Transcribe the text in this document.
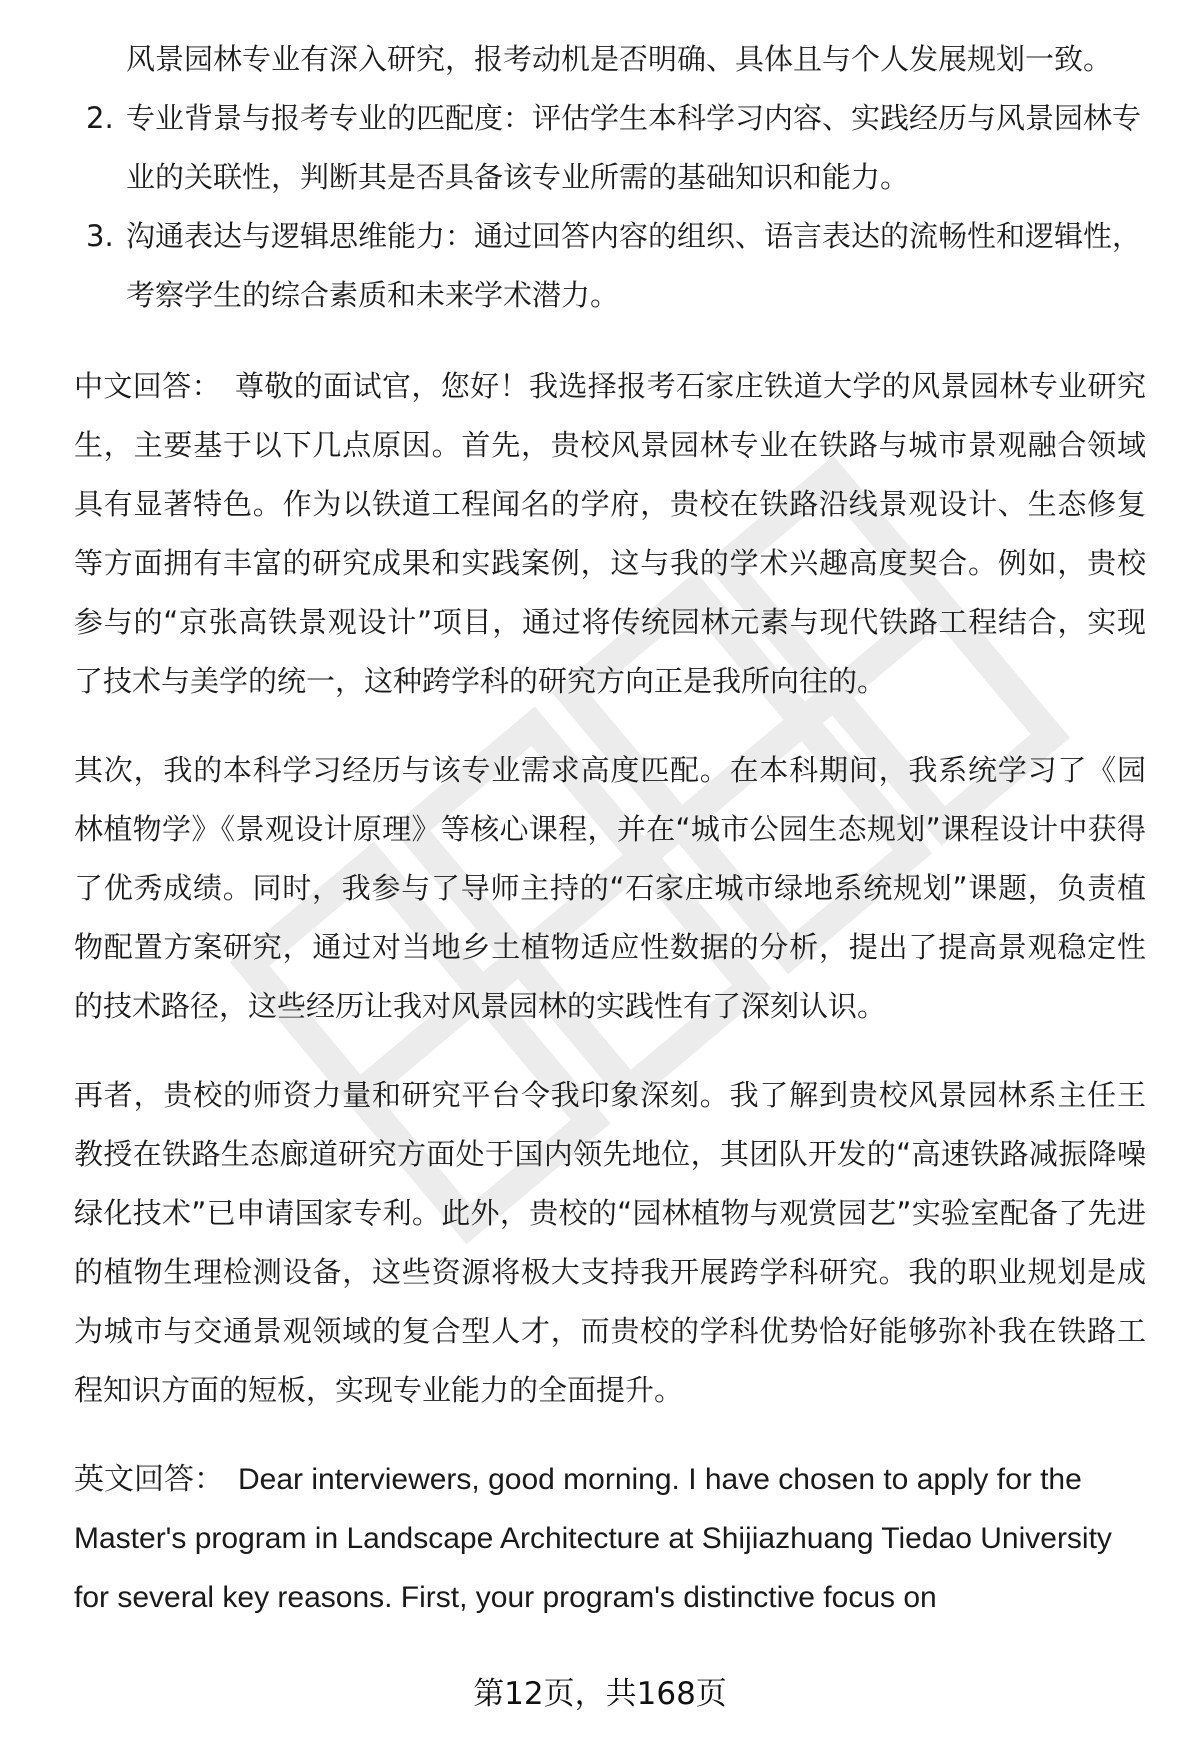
风景园林专业有深入研究，报考动机是否明确、具体且与个人发展规划一致。
2. 专业背景与报考专业的匹配度：评估学生本科学习内容、实践经历与风景园林专业的关联性，判断其是否具备该专业所需的基础知识和能力。
3. 沟通表达与逻辑思维能力：通过回答内容的组织、语言表达的流畅性和逻辑性，考察学生的综合素质和未来学术潜力。

中文回答： 尊敬的面试官，您好！我选择报考石家庄铁道大学的风景园林专业研究生，主要基于以下几点原因。首先，贵校风景园林专业在铁路与城市景观融合领域具有显著特色。作为以铁道工程闻名的学府，贵校在铁路沿线景观设计、生态修复等方面拥有丰富的研究成果和实践案例，这与我的学术兴趣高度契合。例如，贵校参与的“京张高铁景观设计”项目，通过将传统园林元素与现代铁路工程结合，实现了技术与美学的统一，这种跨学科的研究方向正是我所向往的。

其次，我的本科学习经历与该专业需求高度匹配。在本科期间，我系统学习了《园林植物学》《景观设计原理》等核心课程，并在“城市公园生态规划”课程设计中获得了优秀成绩。同时，我参与了导师主持的“石家庄城市绿地系统规划”课题，负责植物配置方案研究，通过对当地乡土植物适应性数据的分析，提出了提高景观稳定性的技术路径，这些经历让我对风景园林的实践性有了深刻认识。

再者，贵校的师资力量和研究平台令我印象深刻。我了解到贵校风景园林系主任王教授在铁路生态廊道研究方面处于国内领先地位，其团队开发的“高速铁路减振降噪绿化技术”已申请国家专利。此外，贵校的“园林植物与观赏园艺”实验室配备了先进的植物生理检测设备，这些资源将极大支持我开展跨学科研究。我的职业规划是成为城市与交通景观领域的复合型人才，而贵校的学科优势恰好能够弥补我在铁路工程知识方面的短板，实现专业能力的全面提升。

英文回答： Dear interviewers, good morning. I have chosen to apply for the Master's program in Landscape Architecture at Shijiazhuang Tiedao University for several key reasons. First, your program's distinctive focus on

第12页，共168页
